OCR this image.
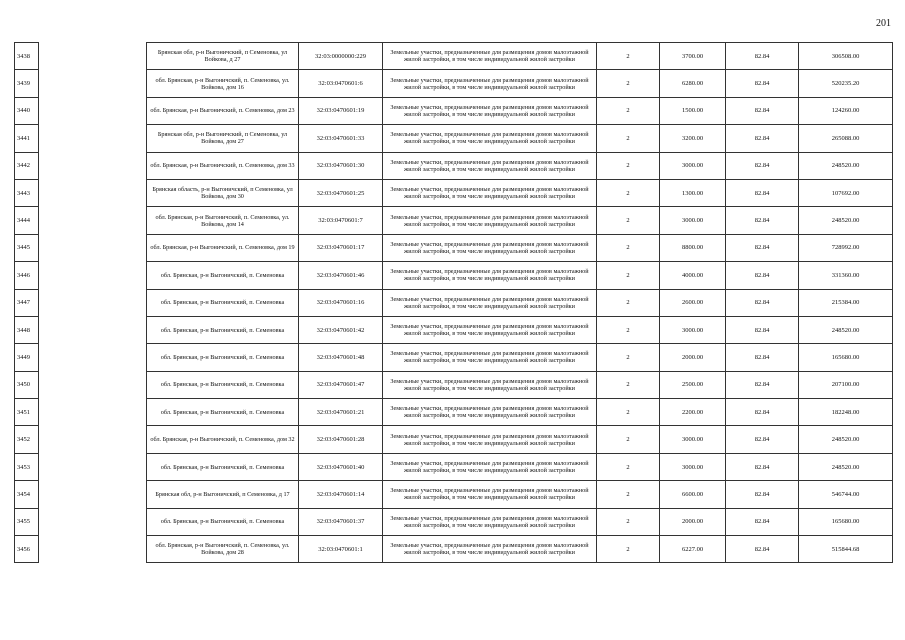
201
3438		Брянская обл, р-н Выгоничский, п Семеновка, ул Войкова, д 27	32:03:0000000:229	Земельные участки, предназначенные для размещения домов малоэтажной жилой застройки, в том числе индивидуальной жилой застройки	2	3700.00	82.84	306508.00
3439		обл. Брянская, р-н Выгоничский, п. Семеновка, ул. Войкова, дом 16	32:03:0470601:6	Земельные участки, предназначенные для размещения домов малоэтажной жилой застройки, в том числе индивидуальной жилой застройки	2	6280.00	82.84	520235.20
3440		обл. Брянская, р-н Выгоничский, п. Семеновка, дом 23	32:03:0470601:19	Земельные участки, предназначенные для размещения домов малоэтажной жилой застройки, в том числе индивидуальной жилой застройки	2	1500.00	82.84	124260.00
3441		Брянская обл, р-н Выгоничский, п Семеновка, ул Войкова, дом 27	32:03:0470601:33	Земельные участки, предназначенные для размещения домов малоэтажной жилой застройки, в том числе индивидуальной жилой застройки	2	3200.00	82.84	265088.00
3442		обл. Брянская, р-н Выгоничский, п. Семеновка, дом 33	32:03:0470601:30	Земельные участки, предназначенные для размещения домов малоэтажной жилой застройки, в том числе индивидуальной жилой застройки	2	3000.00	82.84	248520.00
3443		Брянская область, р-н Выгоничский, п Семеновка, ул Войкова, дом 30	32:03:0470601:25	Земельные участки, предназначенные для размещения домов малоэтажной жилой застройки, в том числе индивидуальной жилой застройки	2	1300.00	82.84	107692.00
3444		обл. Брянская, р-н Выгоничский, п. Семеновка, ул. Войкова, дом 14	32:03:0470601:7	Земельные участки, предназначенные для размещения домов малоэтажной жилой застройки, в том числе индивидуальной жилой застройки	2	3000.00	82.84	248520.00
3445		обл. Брянская, р-н Выгоничский, п. Семеновка, дом 19	32:03:0470601:17	Земельные участки, предназначенные для размещения домов малоэтажной жилой застройки, в том числе индивидуальной жилой застройки	2	8800.00	82.84	728992.00
3446		обл. Брянская, р-н Выгоничский, п. Семеновка	32:03:0470601:46	Земельные участки, предназначенные для размещения домов малоэтажной жилой застройки, в том числе индивидуальной жилой застройки	2	4000.00	82.84	331360.00
3447		обл. Брянская, р-н Выгоничский, п. Семеновка	32:03:0470601:16	Земельные участки, предназначенные для размещения домов малоэтажной жилой застройки, в том числе индивидуальной жилой застройки	2	2600.00	82.84	215384.00
3448		обл. Брянская, р-н Выгоничский, п. Семеновка	32:03:0470601:42	Земельные участки, предназначенные для размещения домов малоэтажной жилой застройки, в том числе индивидуальной жилой застройки	2	3000.00	82.84	248520.00
3449		обл. Брянская, р-н Выгоничский, п. Семеновка	32:03:0470601:48	Земельные участки, предназначенные для размещения домов малоэтажной жилой застройки, в том числе индивидуальной жилой застройки	2	2000.00	82.84	165680.00
3450		обл. Брянская, р-н Выгоничский, п. Семеновка	32:03:0470601:47	Земельные участки, предназначенные для размещения домов малоэтажной жилой застройки, в том числе индивидуальной жилой застройки	2	2500.00	82.84	207100.00
3451		обл. Брянская, р-н Выгоничский, п. Семеновка	32:03:0470601:21	Земельные участки, предназначенные для размещения домов малоэтажной жилой застройки, в том числе индивидуальной жилой застройки	2	2200.00	82.84	182248.00
3452		обл. Брянская, р-н Выгоничский, п. Семеновка, дом 32	32:03:0470601:28	Земельные участки, предназначенные для размещения домов малоэтажной жилой застройки, в том числе индивидуальной жилой застройки	2	3000.00	82.84	248520.00
3453		обл. Брянская, р-н Выгоничский, п. Семеновка	32:03:0470601:40	Земельные участки, предназначенные для размещения домов малоэтажной жилой застройки, в том числе индивидуальной жилой застройки	2	3000.00	82.84	248520.00
3454		Брянская обл, р-н Выгоничский, п Семеновка, д 17	32:03:0470601:14	Земельные участки, предназначенные для размещения домов малоэтажной жилой застройки, в том числе индивидуальной жилой застройки	2	6600.00	82.84	546744.00
3455		обл. Брянская, р-н Выгоничский, п. Семеновка	32:03:0470601:37	Земельные участки, предназначенные для размещения домов малоэтажной жилой застройки, в том числе индивидуальной жилой застройки	2	2000.00	82.84	165680.00
3456		обл. Брянская, р-н Выгоничский, п. Семеновка, ул. Войкова, дом 28	32:03:0470601:1	Земельные участки, предназначенные для размещения домов малоэтажной жилой застройки, в том числе индивидуальной жилой застройки	2	6227.00	82.84	515844.68
